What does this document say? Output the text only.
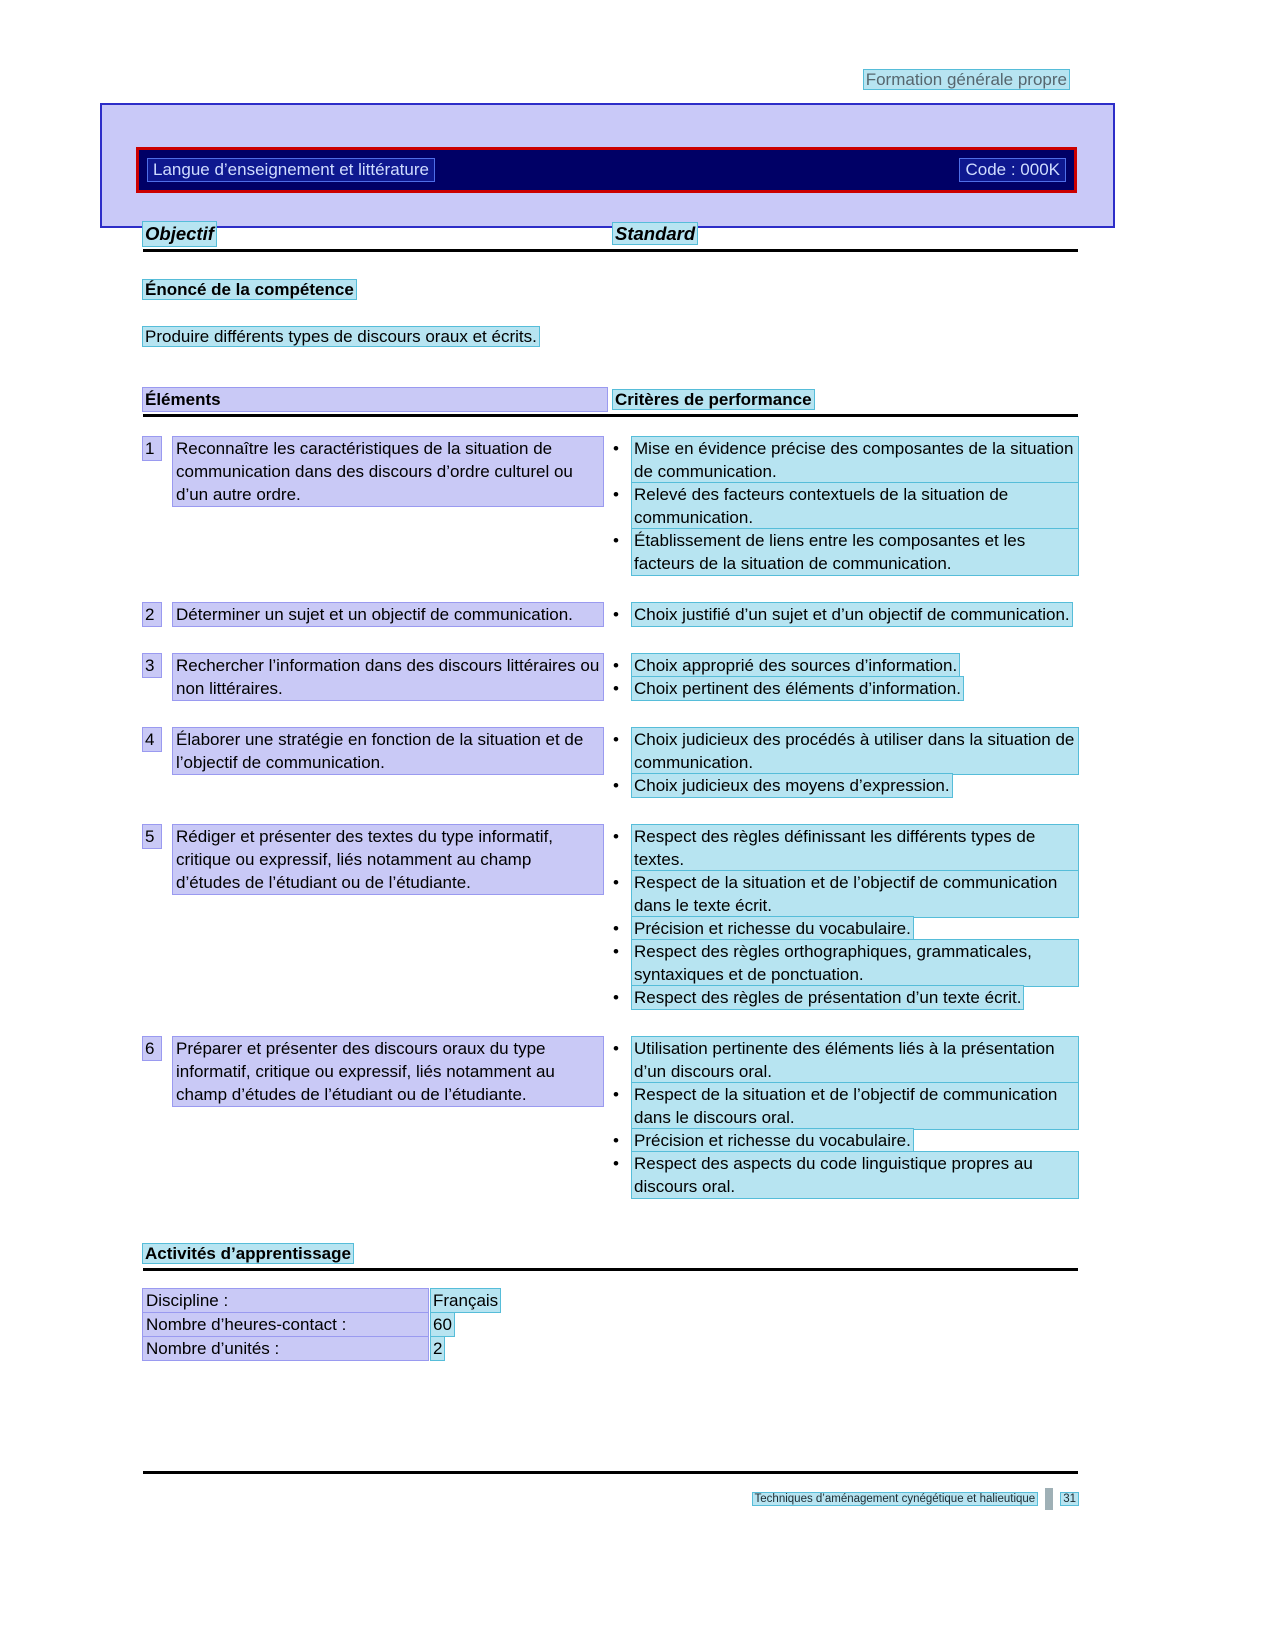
Formation générale propre
Langue d’enseignement et littérature	Code : 000K
Objectif	Standard
Énoncé de la compétence
Produire différents types de discours oraux et écrits.
Éléments	Critères de performance
1	Reconnaître les caractéristiques de la situation de communication dans des discours d’ordre culturel ou d’un autre ordre.
• Mise en évidence précise des composantes de la situation de communication.
• Relevé des facteurs contextuels de la situation de communication.
• Établissement de liens entre les composantes et les facteurs de la situation de communication.
2	Déterminer un sujet et un objectif de communication.	• Choix justifié d’un sujet et d’un objectif de communication.
3	Rechercher l’information dans des discours littéraires ou non littéraires.
• Choix approprié des sources d’information.
• Choix pertinent des éléments d’information.
4	Élaborer une stratégie en fonction de la situation et de l’objectif de communication.
• Choix judicieux des procédés à utiliser dans la situation de communication.
• Choix judicieux des moyens d’expression.
5	Rédiger et présenter des textes du type informatif, critique ou expressif, liés notamment au champ d’études de l’étudiant ou de l’étudiante.
• Respect des règles définissant les différents types de textes.
• Respect de la situation et de l’objectif de communication dans le texte écrit.
• Précision et richesse du vocabulaire.
• Respect des règles orthographiques, grammaticales, syntaxiques et de ponctuation.
• Respect des règles de présentation d’un texte écrit.
6	Préparer et présenter des discours oraux du type informatif, critique ou expressif, liés notamment au champ d’études de l’étudiant ou de l’étudiante.
• Utilisation pertinente des éléments liés à la présentation d’un discours oral.
• Respect de la situation et de l’objectif de communication dans le discours oral.
• Précision et richesse du vocabulaire.
• Respect des aspects du code linguistique propres au discours oral.
Activités d’apprentissage
Discipline :	Français
Nombre d’heures-contact :	60
Nombre d’unités :	2
Techniques d’aménagement cynégétique et halieutique 31
